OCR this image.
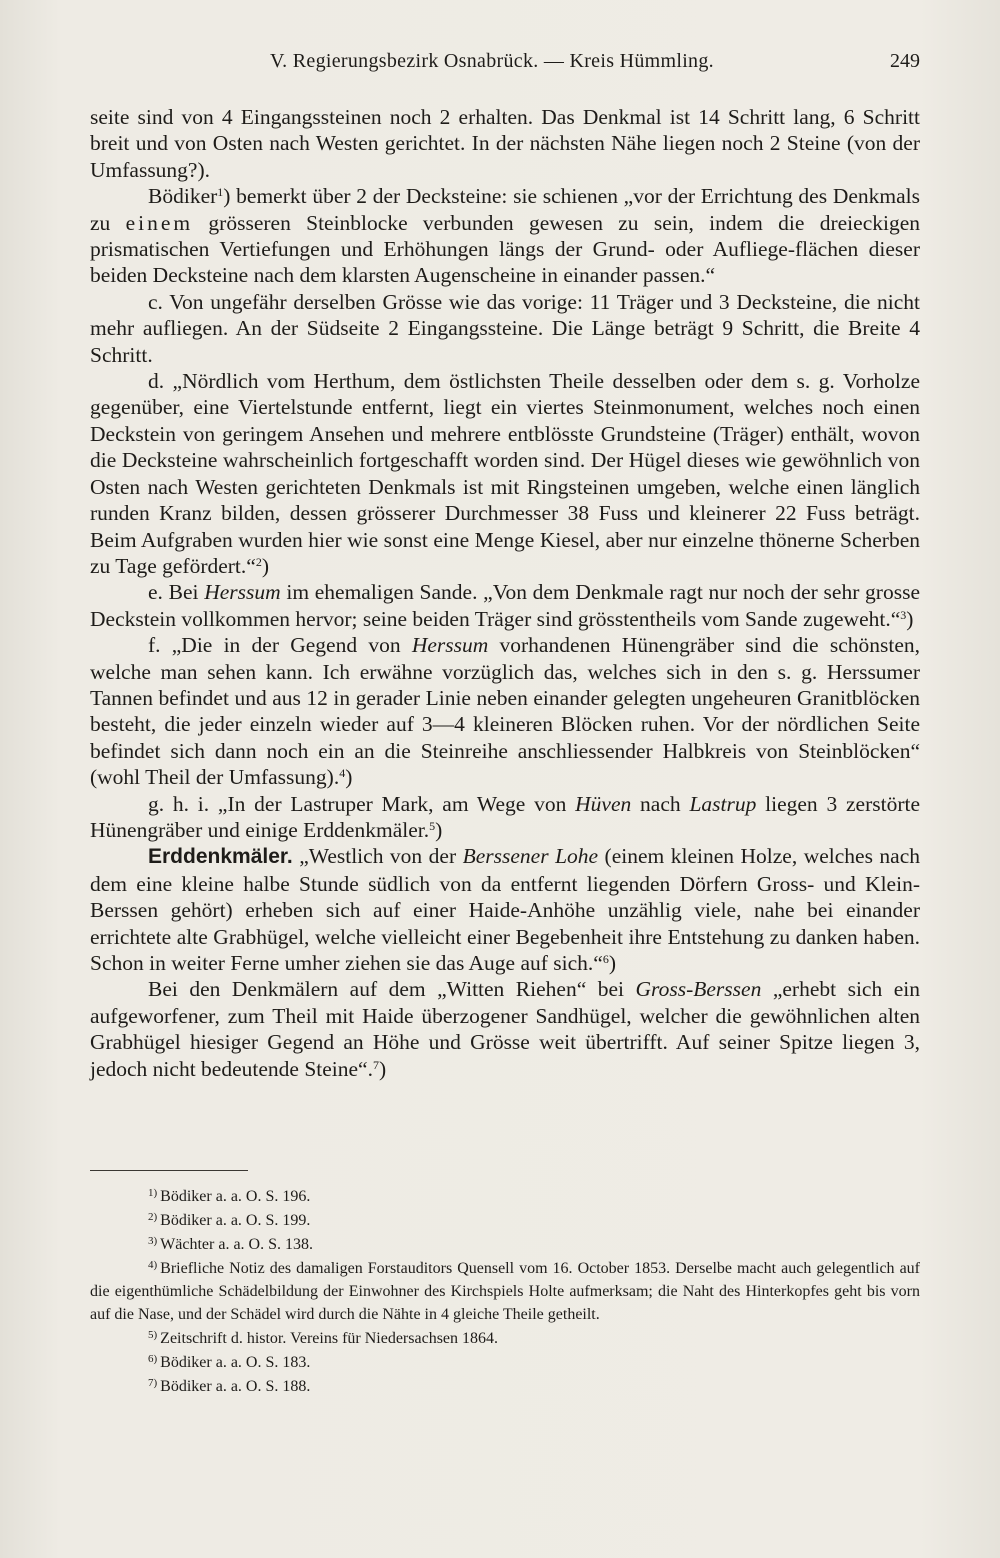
V. Regierungsbezirk Osnabrück. — Kreis Hümmling.	249

seite sind von 4 Eingangssteinen noch 2 erhalten. Das Denkmal ist 14 Schritt lang, 6 Schritt breit und von Osten nach Westen gerichtet. In der nächsten Nähe liegen noch 2 Steine (von der Umfassung?).

Bödiker$^1$) bemerkt über 2 der Decksteine: sie schienen „vor der Errichtung des Denkmals zu einem grösseren Steinblocke verbunden gewesen zu sein, indem die dreieckigen prismatischen Vertiefungen und Erhöhungen längs der Grund- oder Aufliege-flächen dieser beiden Decksteine nach dem klarsten Augenscheine in einander passen.“

c. Von ungefähr derselben Grösse wie das vorige: 11 Träger und 3 Decksteine, die nicht mehr aufliegen. An der Südseite 2 Eingangssteine. Die Länge beträgt 9 Schritt, die Breite 4 Schritt.

d. „Nördlich vom Herthum, dem östlichsten Theile desselben oder dem s. g. Vorholze gegenüber, eine Viertelstunde entfernt, liegt ein viertes Steinmonument, welches noch einen Deckstein von geringem Ansehen und mehrere entblösste Grundsteine (Träger) enthält, wovon die Decksteine wahrscheinlich fortgeschafft worden sind. Der Hügel dieses wie gewöhnlich von Osten nach Westen gerichteten Denkmals ist mit Ringsteinen umgeben, welche einen länglich runden Kranz bilden, dessen grösserer Durchmesser 38 Fuss und kleinerer 22 Fuss beträgt. Beim Aufgraben wurden hier wie sonst eine Menge Kiesel, aber nur einzelne thönerne Scherben zu Tage gefördert.“$^2$)

e. Bei Herssum im ehemaligen Sande. „Von dem Denkmale ragt nur noch der sehr grosse Deckstein vollkommen hervor; seine beiden Träger sind grösstentheils vom Sande zugeweht.“$^3$)

f. „Die in der Gegend von Herssum vorhandenen Hünengräber sind die schönsten, welche man sehen kann. Ich erwähne vorzüglich das, welches sich in den s. g. Herssumer Tannen befindet und aus 12 in gerader Linie neben einander gelegten ungeheuren Granitblöcken besteht, die jeder einzeln wieder auf 3—4 kleineren Blöcken ruhen. Vor der nördlichen Seite befindet sich dann noch ein an die Steinreihe anschliessender Halbkreis von Steinblöcken“ (wohl Theil der Umfassung).$^4$)

g. h. i. „In der Lastruper Mark, am Wege von Hüven nach Lastrup liegen 3 zerstörte Hünengräber und einige Erddenkmäler.$^5$)

Erddenkmäler. „Westlich von der Berssener Lohe (einem kleinen Holze, welches nach dem eine kleine halbe Stunde südlich von da entfernt liegenden Dörfern Gross- und Klein-Berssen gehört) erheben sich auf einer Haide-Anhöhe unzählig viele, nahe bei einander errichtete alte Grabhügel, welche vielleicht einer Begebenheit ihre Entstehung zu danken haben. Schon in weiter Ferne umher ziehen sie das Auge auf sich.“$^6$)

Bei den Denkmälern auf dem „Witten Riehen“ bei Gross-Berssen „erhebt sich ein aufgeworfener, zum Theil mit Haide überzogener Sandhügel, welcher die gewöhnlichen alten Grabhügel hiesiger Gegend an Höhe und Grösse weit übertrifft. Auf seiner Spitze liegen 3, jedoch nicht bedeutende Steine“.$^7$)

$^{1)}$ Bödiker a. a. O. S. 196.

$^{2)}$ Bödiker a. a. O. S. 199.

$^{3)}$ Wächter a. a. O. S. 138.

$^{4)}$ Briefliche Notiz des damaligen Forstauditors Quensell vom 16. October 1853. Derselbe macht auch gelegentlich auf die eigenthümliche Schädelbildung der Einwohner des Kirchspiels Holte aufmerksam; die Naht des Hinterkopfes geht bis vorn auf die Nase, und der Schädel wird durch die Nähte in 4 gleiche Theile getheilt.

$^{5)}$ Zeitschrift d. histor. Vereins für Niedersachsen 1864.

$^{6)}$ Bödiker a. a. O. S. 183.

$^{7)}$ Bödiker a. a. O. S. 188.
